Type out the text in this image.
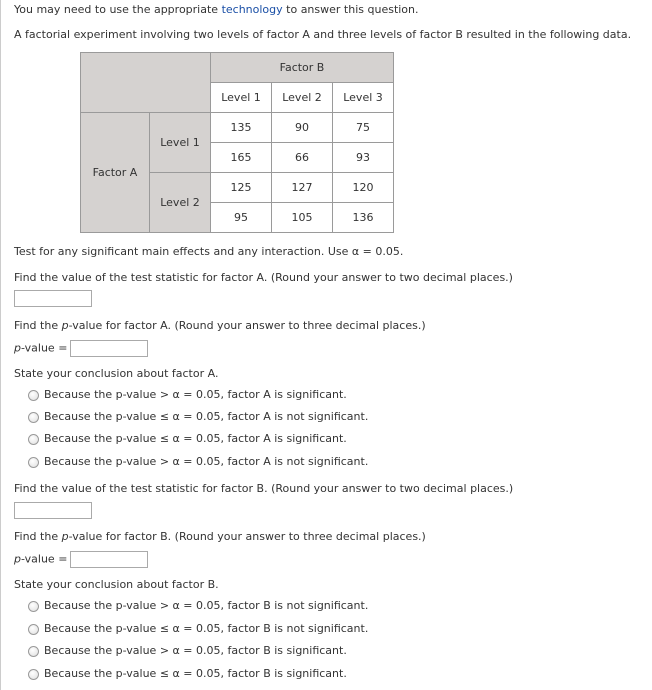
You may need to use the appropriate technology to answer this question.
A factorial experiment involving two levels of factor A and three levels of factor B resulted in the following data.
		Factor B		
		Level 1	Level 2	Level 3
Factor A	Level 1	135	90	75
		165	66	93
	Level 2	125	127	120
		95	105	136
Test for any significant main effects and any interaction. Use α = 0.05.
Find the value of the test statistic for factor A. (Round your answer to two decimal places.)
Find the p-value for factor A. (Round your answer to three decimal places.)
p-value =
State your conclusion about factor A.
Because the p-value > α = 0.05, factor A is significant.
Because the p-value ≤ α = 0.05, factor A is not significant.
Because the p-value ≤ α = 0.05, factor A is significant.
Because the p-value > α = 0.05, factor A is not significant.
Find the value of the test statistic for factor B. (Round your answer to two decimal places.)
Find the p-value for factor B. (Round your answer to three decimal places.)
p-value =
State your conclusion about factor B.
Because the p-value > α = 0.05, factor B is not significant.
Because the p-value ≤ α = 0.05, factor B is not significant.
Because the p-value > α = 0.05, factor B is significant.
Because the p-value ≤ α = 0.05, factor B is significant.
